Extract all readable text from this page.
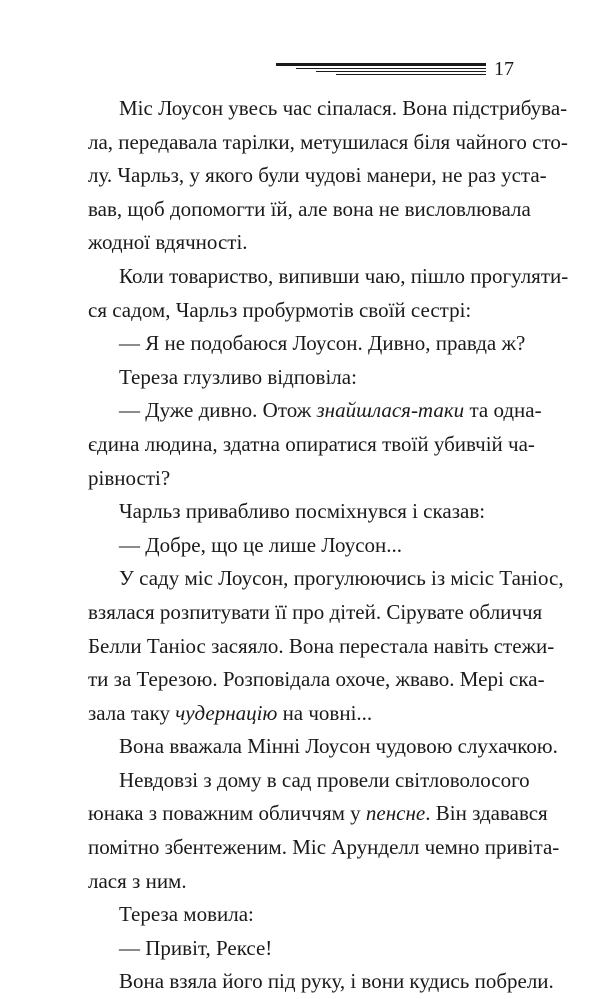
17
Міс Лоусон увесь час сіпалася. Вона підстрибува-
ла, передавала тарілки, метушилася біля чайного сто-
лу. Чарльз, у якого були чудові манери, не раз уста-
вав, щоб допомогти їй, але вона не висловлювала
жодної вдячності.
Коли товариство, випивши чаю, пішло прогуляти-
ся садом, Чарльз пробурмотів своїй сестрі:
— Я не подобаюся Лоусон. Дивно, правда ж?
Тереза глузливо відповіла:
— Дуже дивно. Отож знайшлася-таки та одна-
єдина людина, здатна опиратися твоїй убивчій ча-
рівності?
Чарльз привабливо посміхнувся і сказав:
— Добре, що це лише Лоусон...
У саду міс Лоусон, прогулюючись із місіс Таніос,
взялася розпитувати її про дітей. Сірувате обличчя
Белли Таніос засяяло. Вона перестала навіть стежи-
ти за Терезою. Розповідала охоче, жваво. Мері ска-
зала таку чудернацію на човні...
Вона вважала Мінні Лоусон чудовою слухачкою.
Невдовзі з дому в сад провели світловолосого
юнака з поважним обличчям у пенсне. Він здавався
помітно збентеженим. Міс Арунделл чемно привіта-
лася з ним.
Тереза мовила:
— Привіт, Рексе!
Вона взяла його під руку, і вони кудись побрели.
